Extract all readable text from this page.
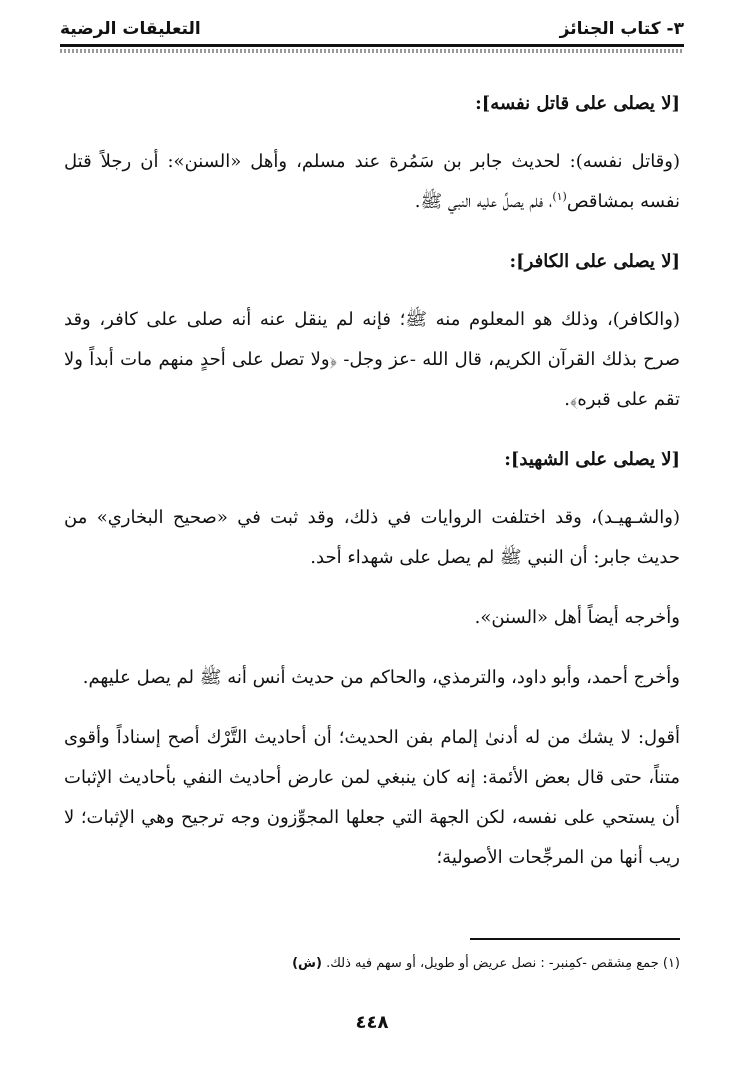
٣- كتاب الجنائز
التعليقات الرضية

[لا يصلى على قاتل نفسه]:

(وقاتل نفسه): لحديث جابر بن سَمُرة عند مسلم، وأهل «السنن»: أن رجلاً قتل نفسه بمشاقص$^{(١)}$، فلم يصلِّ عليه النبي ﷺ.

[لا يصلى على الكافر]:

(والكافر)، وذلك هو المعلوم منه ﷺ؛ فإنه لم ينقل عنه أنه صلى على كافر، وقد صرح بذلك القرآن الكريم، قال الله -عز وجل- ﴿ولا تصل على أحدٍ منهم مات أبداً ولا تقم على قبره﴾.

[لا يصلى على الشهيد]:

(والشـهيـد)، وقد اختلفت الروايات في ذلك، وقد ثبت في «صحيح البخاري» من حديث جابر: أن النبي ﷺ لم يصل على شهداء أحد.

وأخرجه أيضاً أهل «السنن».

وأخرج أحمد، وأبو داود، والترمذي، والحاكم من حديث أنس أنه ﷺ لم يصل عليهم.

أقول: لا يشك من له أدنىٰ إلمام بفن الحديث؛ أن أحاديث التَّرْك أصح إسناداً وأقوى متناً، حتى قال بعض الأئمة: إنه كان ينبغي لمن عارض أحاديث النفي بأحاديث الإثبات أن يستحي على نفسه، لكن الجهة التي جعلها المجوِّزون وجه ترجيح وهي الإثبات؛ لا ريب أنها من المرجِّحات الأصولية؛

(١) جمع مِشقص -كمِنبر- : نصل عريض أو طويل، أو سهم فيه ذلك. (ش)
٤٤٨
